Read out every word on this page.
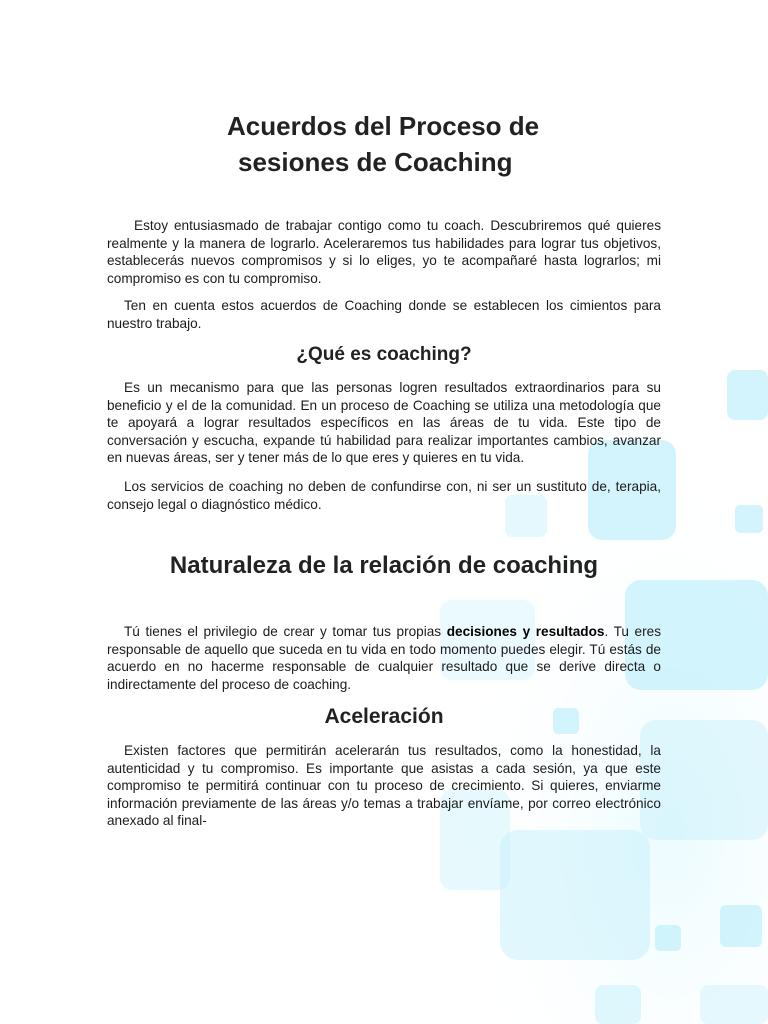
Acuerdos del Proceso de
sesiones de Coaching

Estoy entusiasmado de trabajar contigo como tu coach. Descubriremos qué quieres realmente y la manera de lograrlo. Aceleraremos tus habilidades para lograr tus objetivos, establecerás nuevos compromisos y si lo eliges, yo te acompañaré hasta lograrlos; mi compromiso es con tu compromiso.

Ten en cuenta estos acuerdos de Coaching donde se establecen los cimientos para nuestro trabajo.

¿Qué es coaching?

Es un mecanismo para que las personas logren resultados extraordinarios para su beneficio y el de la comunidad. En un proceso de Coaching se utiliza una metodología que te apoyará a lograr resultados específicos en las áreas de tu vida. Este tipo de conversación y escucha, expande tú habilidad para realizar importantes cambios, avanzar en nuevas áreas, ser y tener más de lo que eres y quieres en tu vida.

Los servicios de coaching no deben de confundirse con, ni ser un sustituto de, terapia, consejo legal o diagnóstico médico.

Naturaleza de la relación de coaching

Tú tienes el privilegio de crear y tomar tus propias decisiones y resultados. Tu eres responsable de aquello que suceda en tu vida en todo momento puedes elegir. Tú estás de acuerdo en no hacerme responsable de cualquier resultado que se derive directa o indirectamente del proceso de coaching.

Aceleración

Existen factores que permitirán acelerarán tus resultados, como la honestidad, la autenticidad y tu compromiso. Es importante que asistas a cada sesión, ya que este compromiso te permitirá continuar con tu proceso de crecimiento. Si quieres, enviarme información previamente de las áreas y/o temas a trabajar envíame, por correo electrónico anexado al final-
